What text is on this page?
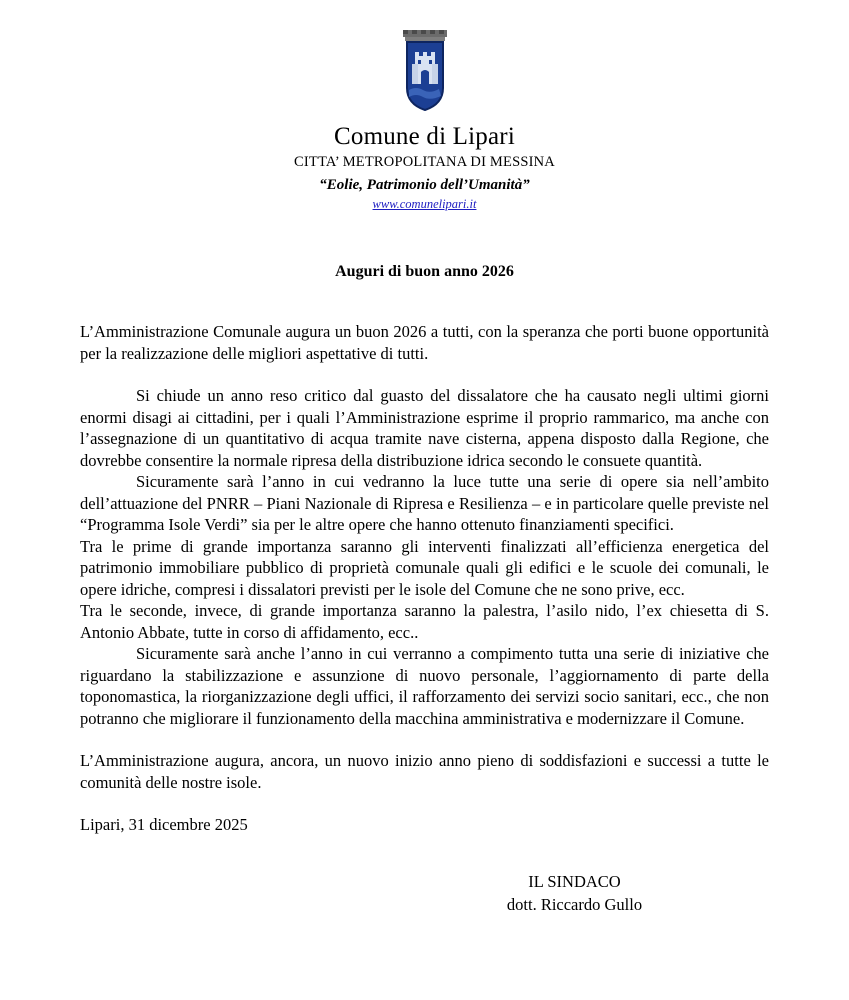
Comune di Lipari
CITTA’ METROPOLITANA DI MESSINA
“Eolie, Patrimonio dell’Umanità”
www.comunelipari.it
Auguri di buon anno 2026

L’Amministrazione Comunale augura un buon 2026 a tutti, con la speranza che porti buone opportunità per la realizzazione delle migliori aspettative di tutti.

Si chiude un anno reso critico dal guasto del dissalatore che ha causato negli ultimi giorni enormi disagi ai cittadini, per i quali l’Amministrazione esprime il proprio rammarico, ma anche con l’assegnazione di un quantitativo di acqua tramite nave cisterna, appena disposto dalla Regione, che dovrebbe consentire la normale ripresa della distribuzione idrica secondo le consuete quantità.

Sicuramente sarà l’anno in cui vedranno la luce tutte una serie di opere sia nell’ambito dell’attuazione del PNRR – Piani Nazionale di Ripresa e Resilienza – e in particolare quelle previste nel “Programma Isole Verdi” sia per le altre opere che hanno ottenuto finanziamenti specifici.

Tra le prime di grande importanza saranno gli interventi finalizzati all’efficienza energetica del patrimonio immobiliare pubblico di proprietà comunale quali gli edifici e le scuole dei comunali, le opere idriche, compresi i dissalatori previsti per le isole del Comune che ne sono prive, ecc.

Tra le seconde, invece, di grande importanza saranno la palestra, l’asilo nido, l’ex chiesetta di S. Antonio Abbate, tutte in corso di affidamento, ecc..

Sicuramente sarà anche l’anno in cui verranno a compimento tutta una serie di iniziative che riguardano la stabilizzazione e assunzione di nuovo personale, l’aggiornamento di parte della toponomastica, la riorganizzazione degli uffici, il rafforzamento dei servizi socio sanitari, ecc., che non potranno che migliorare il funzionamento della macchina amministrativa e modernizzare il Comune.

L’Amministrazione augura, ancora, un nuovo inizio anno pieno di soddisfazioni e successi a tutte le comunità delle nostre isole.

Lipari, 31 dicembre 2025
IL SINDACO
dott. Riccardo Gullo
